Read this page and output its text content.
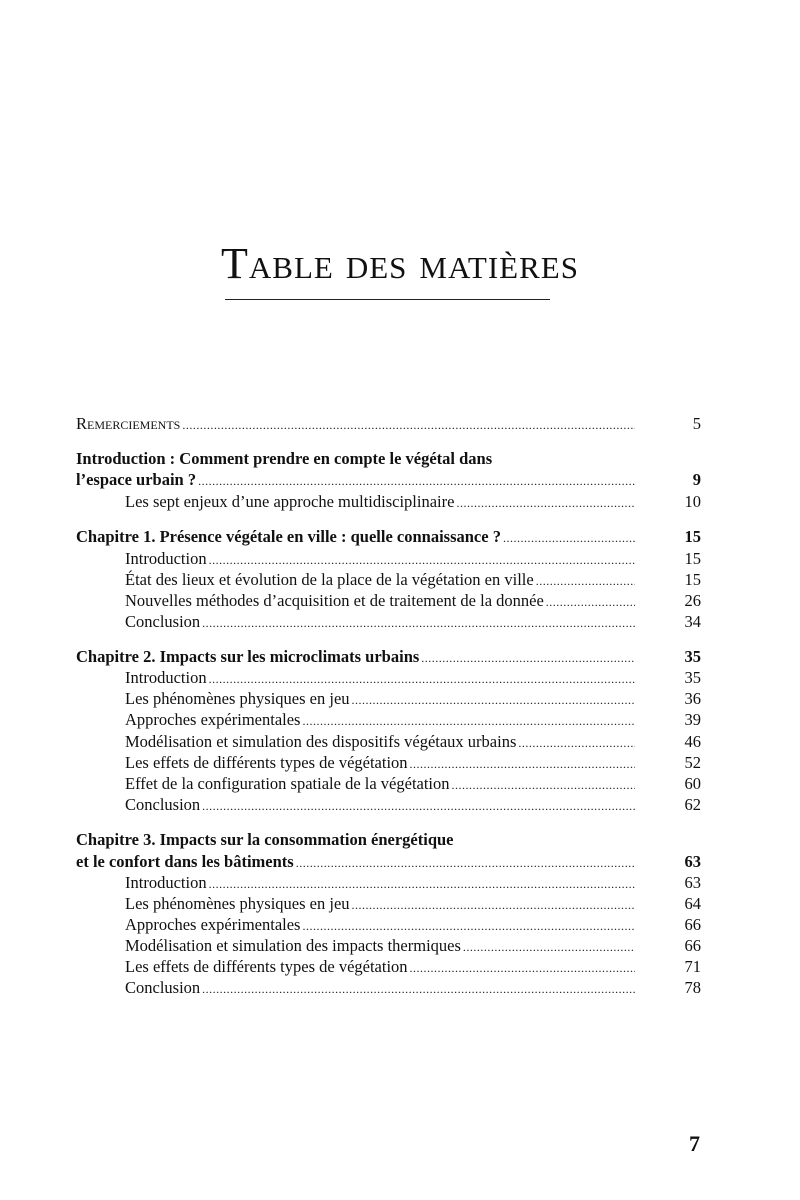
Table des matières
Remerciements .....	5
Introduction : Comment prendre en compte le végétal dans
l’espace urbain ? .....	9
Les sept enjeux d’une approche multidisciplinaire .....	10
Chapitre 1. Présence végétale en ville : quelle connaissance ? .....	15
Introduction .....	15
État des lieux et évolution de la place de la végétation en ville .....	15
Nouvelles méthodes d’acquisition et de traitement de la donnée .....	26
Conclusion .....	34
Chapitre 2. Impacts sur les microclimats urbains .....	35
Introduction .....	35
Les phénomènes physiques en jeu .....	36
Approches expérimentales .....	39
Modélisation et simulation des dispositifs végétaux urbains .....	46
Les effets de différents types de végétation .....	52
Effet de la configuration spatiale de la végétation .....	60
Conclusion .....	62
Chapitre 3. Impacts sur la consommation énergétique
et le confort dans les bâtiments .....	63
Introduction .....	63
Les phénomènes physiques en jeu .....	64
Approches expérimentales .....	66
Modélisation et simulation des impacts thermiques .....	66
Les effets de différents types de végétation .....	71
Conclusion .....	78
7
